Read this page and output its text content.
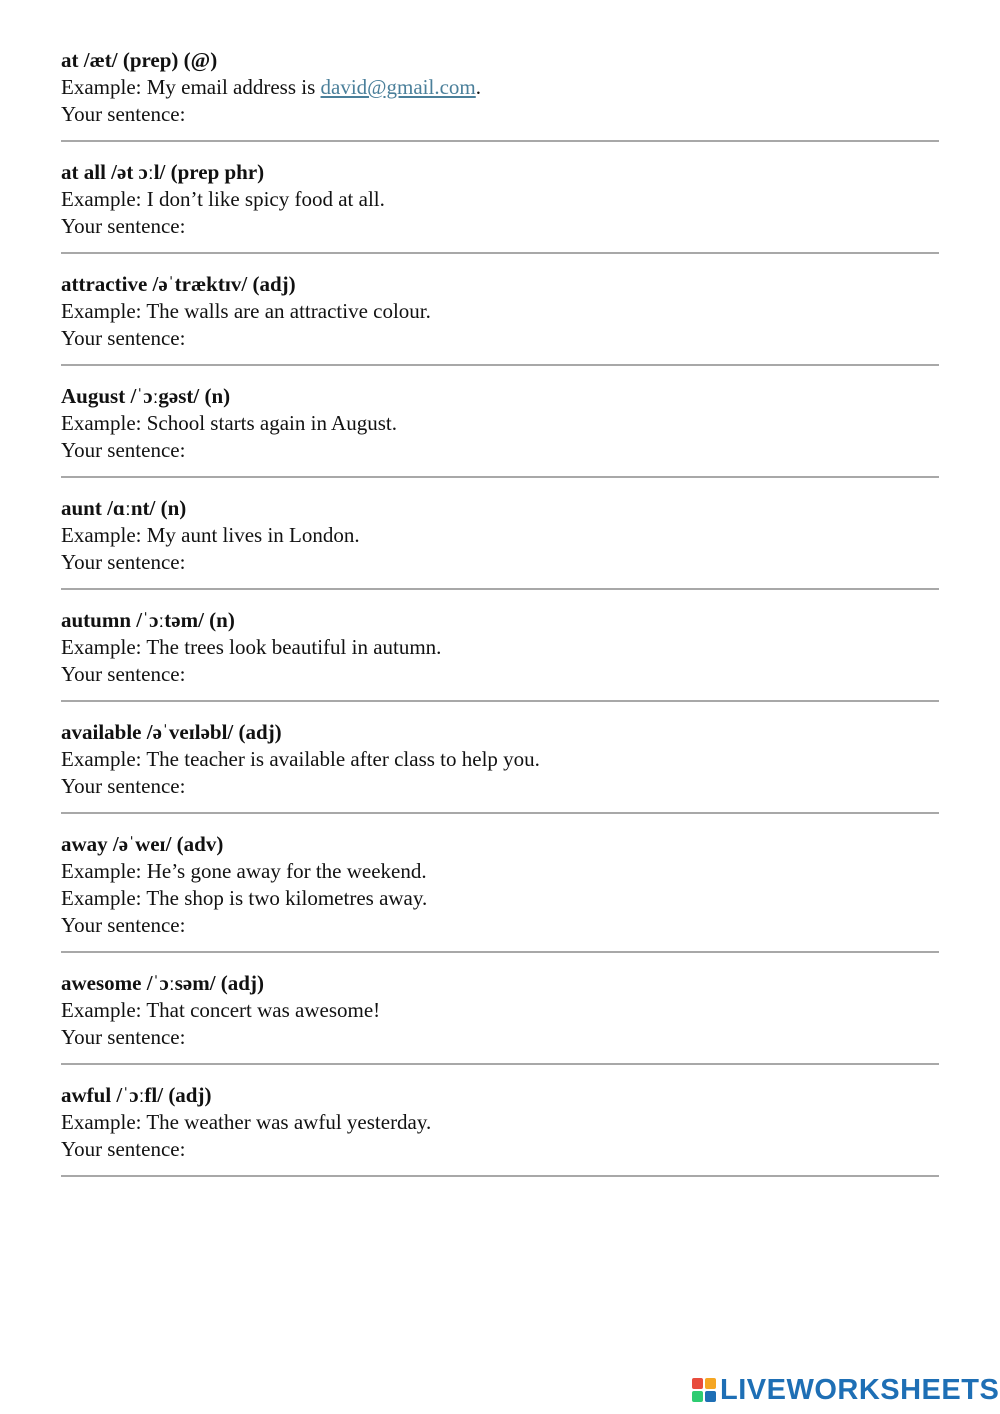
at /æt/ (prep) (@)
Example: My email address is david@gmail.com.
Your sentence:
at all /ət ɔːl/ (prep phr)
Example: I don’t like spicy food at all.
Your sentence:
attractive /əˈtræktɪv/ (adj)
Example: The walls are an attractive colour.
Your sentence:
August /ˈɔːgəst/ (n)
Example: School starts again in August.
Your sentence:
aunt /ɑːnt/ (n)
Example: My aunt lives in London.
Your sentence:
autumn /ˈɔːtəm/ (n)
Example: The trees look beautiful in autumn.
Your sentence:
available /əˈveɪləbl/ (adj)
Example: The teacher is available after class to help you.
Your sentence:
away /əˈweɪ/ (adv)
Example: He’s gone away for the weekend.
Example: The shop is two kilometres away.
Your sentence:
awesome /ˈɔːsəm/ (adj)
Example: That concert was awesome!
Your sentence:
awful /ˈɔːfl/ (adj)
Example: The weather was awful yesterday.
Your sentence:
LIVEWORKSHEETS
